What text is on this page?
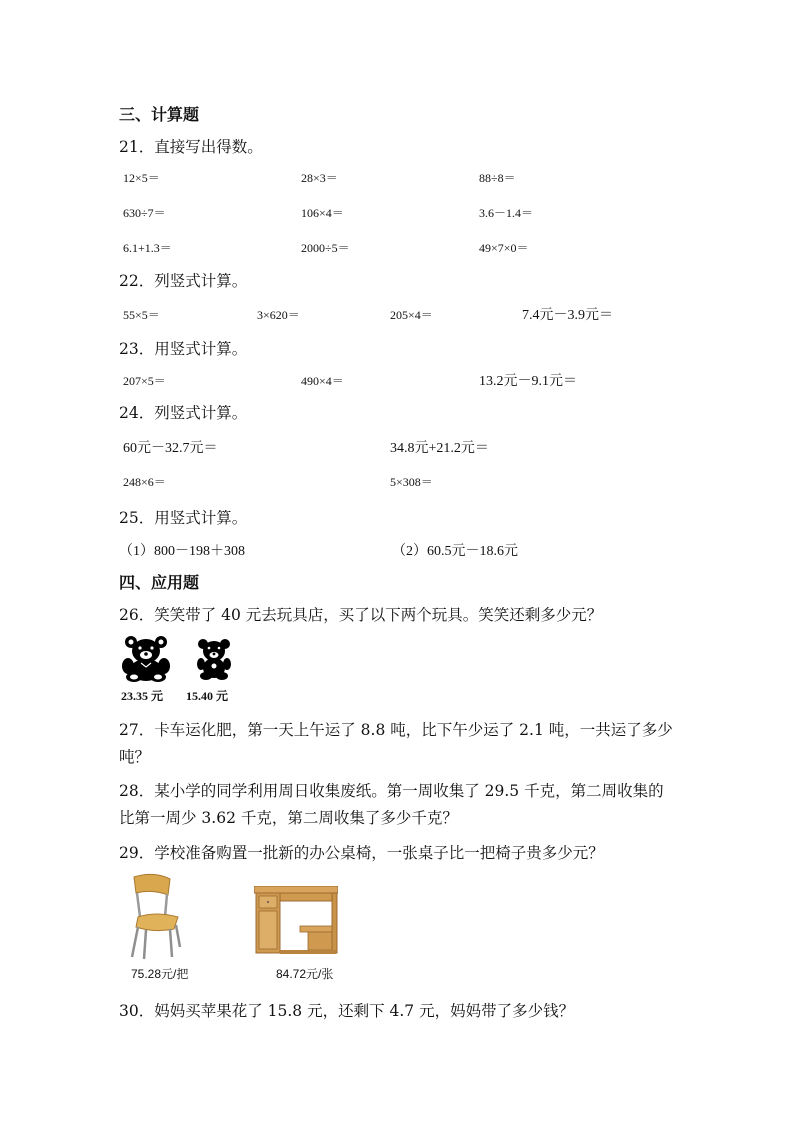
三、计算题
21．直接写出得数。
12×5＝	28×3＝	88÷8＝
630÷7＝	106×4＝	3.6－1.4＝
6.1+1.3＝	2000÷5＝	49×7×0＝
22．列竖式计算。
55×5＝	3×620＝	205×4＝	7.4元－3.9元＝
23．用竖式计算。
207×5＝	490×4＝	13.2元－9.1元＝
24．列竖式计算。
60元－32.7元＝	34.8元+21.2元＝
248×6＝	5×308＝
25．用竖式计算。
（1）800－198＋308	（2）60.5元－18.6元
四、应用题
26．笑笑带了 40 元去玩具店，买了以下两个玩具。笑笑还剩多少元？
23.35 元 15.40 元
27．卡车运化肥，第一天上午运了 8.8 吨，比下午少运了 2.1 吨，一共运了多少
吨？
28．某小学的同学利用周日收集废纸。第一周收集了 29.5 千克，第二周收集的
比第一周少 3.62 千克，第二周收集了多少千克？
29．学校准备购置一批新的办公桌椅，一张桌子比一把椅子贵多少元？
75.28元/把	84.72元/张
30．妈妈买苹果花了 15.8 元，还剩下 4.7 元，妈妈带了多少钱？
